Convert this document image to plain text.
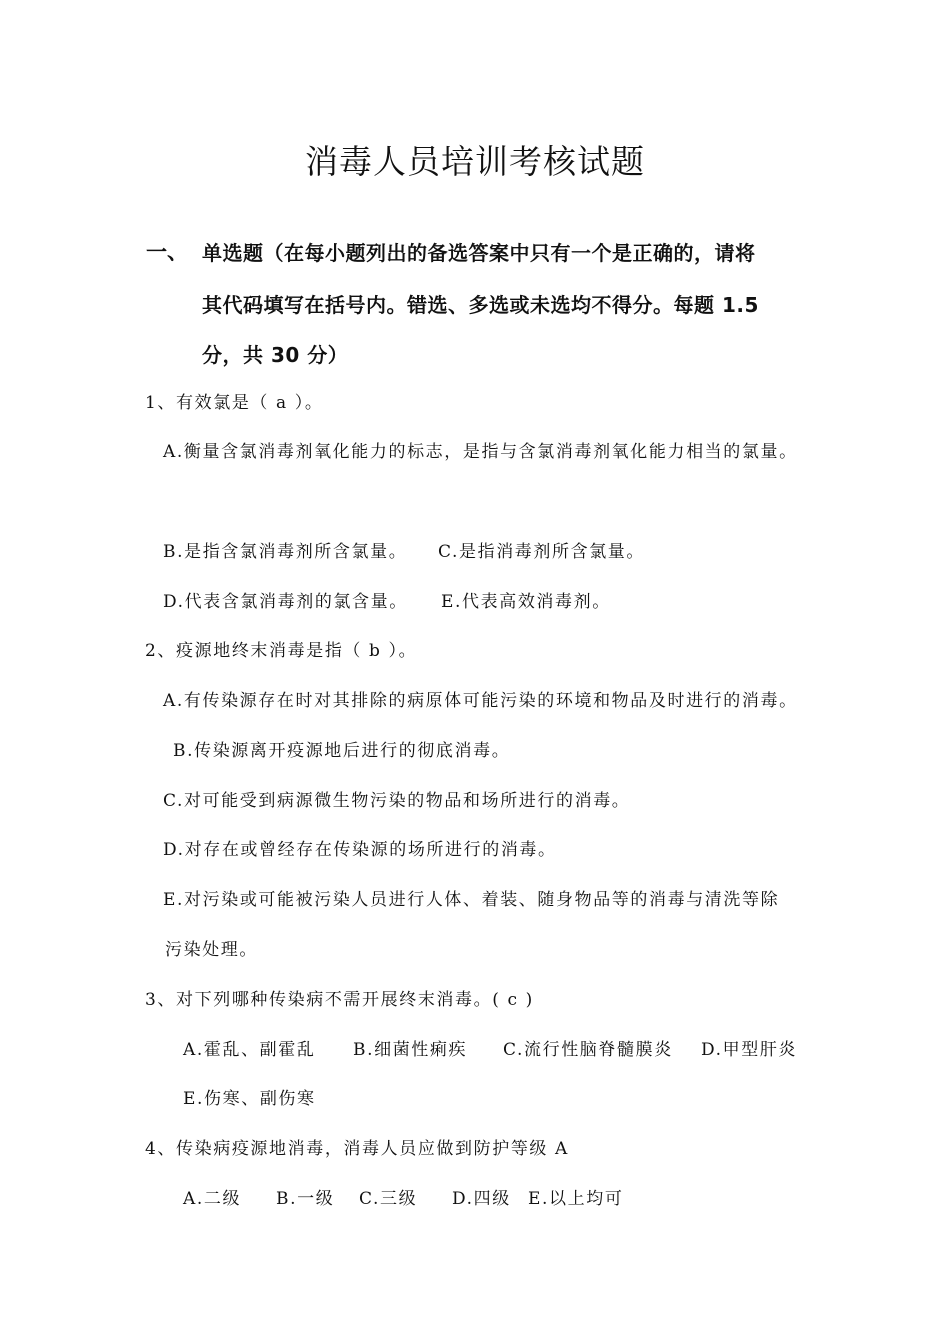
消毒人员培训考核试题
一、 单选题（在每小题列出的备选答案中只有一个是正确的，请将
其代码填写在括号内。错选、多选或未选均不得分。每题 1.5
分，共 30 分）
1、有效氯是（ a ）。
A.衡量含氯消毒剂氧化能力的标志，是指与含氯消毒剂氧化能力相当的氯量。
B.是指含氯消毒剂所含氯量。 C.是指消毒剂所含氯量。
D.代表含氯消毒剂的氯含量。 E.代表高效消毒剂。
2、疫源地终末消毒是指（ b ）。
A.有传染源存在时对其排除的病原体可能污染的环境和物品及时进行的消毒。
B.传染源离开疫源地后进行的彻底消毒。
C.对可能受到病源微生物污染的物品和场所进行的消毒。
D.对存在或曾经存在传染源的场所进行的消毒。
E.对污染或可能被污染人员进行人体、着装、随身物品等的消毒与清洗等除
污染处理。
3、对下列哪种传染病不需开展终末消毒。( c )
A.霍乱、副霍乱 B.细菌性痢疾 C.流行性脑脊髓膜炎 D.甲型肝炎
E.伤寒、副伤寒
4、传染病疫源地消毒，消毒人员应做到防护等级 A
A.二级 B.一级 C.三级 D.四级 E.以上均可
